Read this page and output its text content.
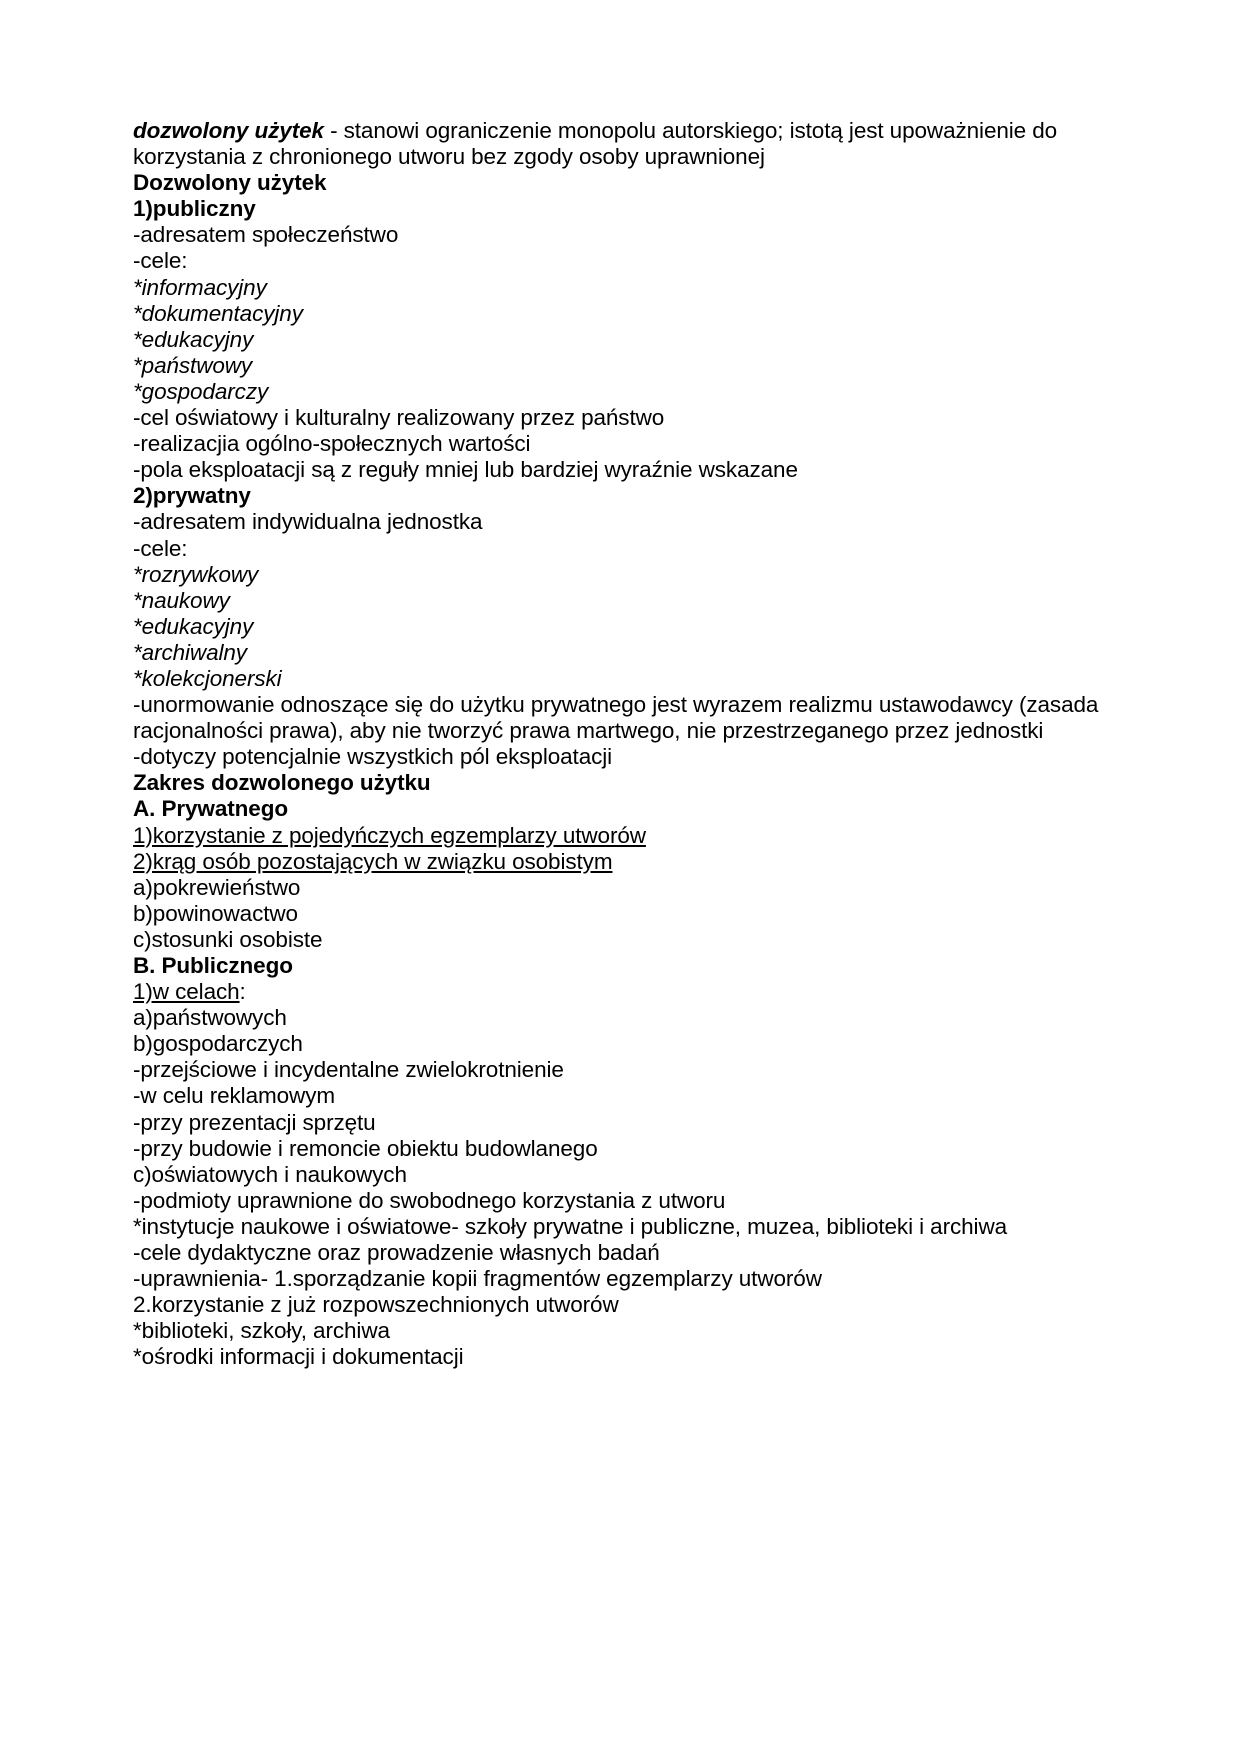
dozwolony użytek - stanowi ograniczenie monopolu autorskiego; istotą jest upoważnienie do korzystania z chronionego utworu bez zgody osoby uprawnionej

Dozwolony użytek

1)publiczny

-adresatem społeczeństwo

-cele:

*informacyjny

*dokumentacyjny

*edukacyjny

*państwowy

*gospodarczy

-cel oświatowy i kulturalny realizowany przez państwo

-realizacjia ogólno-społecznych wartości

-pola eksploatacji są z reguły mniej lub bardziej wyraźnie wskazane

2)prywatny

-adresatem indywidualna jednostka

-cele:

*rozrywkowy

*naukowy

*edukacyjny

*archiwalny

*kolekcjonerski

-unormowanie odnoszące się do użytku prywatnego jest wyrazem realizmu ustawodawcy (zasada racjonalności prawa), aby nie tworzyć prawa martwego, nie przestrzeganego przez jednostki

-dotyczy potencjalnie wszystkich pól eksploatacji

Zakres dozwolonego użytku

A. Prywatnego

1)korzystanie z pojedyńczych egzemplarzy utworów

2)krąg osób pozostających w związku osobistym

a)pokrewieństwo

b)powinowactwo

c)stosunki osobiste

B. Publicznego

1)w celach:

a)państwowych

b)gospodarczych

-przejściowe i incydentalne zwielokrotnienie

-w celu reklamowym

-przy prezentacji sprzętu

-przy budowie i remoncie obiektu budowlanego

c)oświatowych i naukowych

-podmioty uprawnione do swobodnego korzystania z utworu

*instytucje naukowe i oświatowe- szkoły prywatne i publiczne, muzea, biblioteki i archiwa

-cele dydaktyczne oraz prowadzenie własnych badań

-uprawnienia- 1.sporządzanie kopii fragmentów egzemplarzy utworów

2.korzystanie z już rozpowszechnionych utworów

*biblioteki, szkoły, archiwa

*ośrodki informacji i dokumentacji
